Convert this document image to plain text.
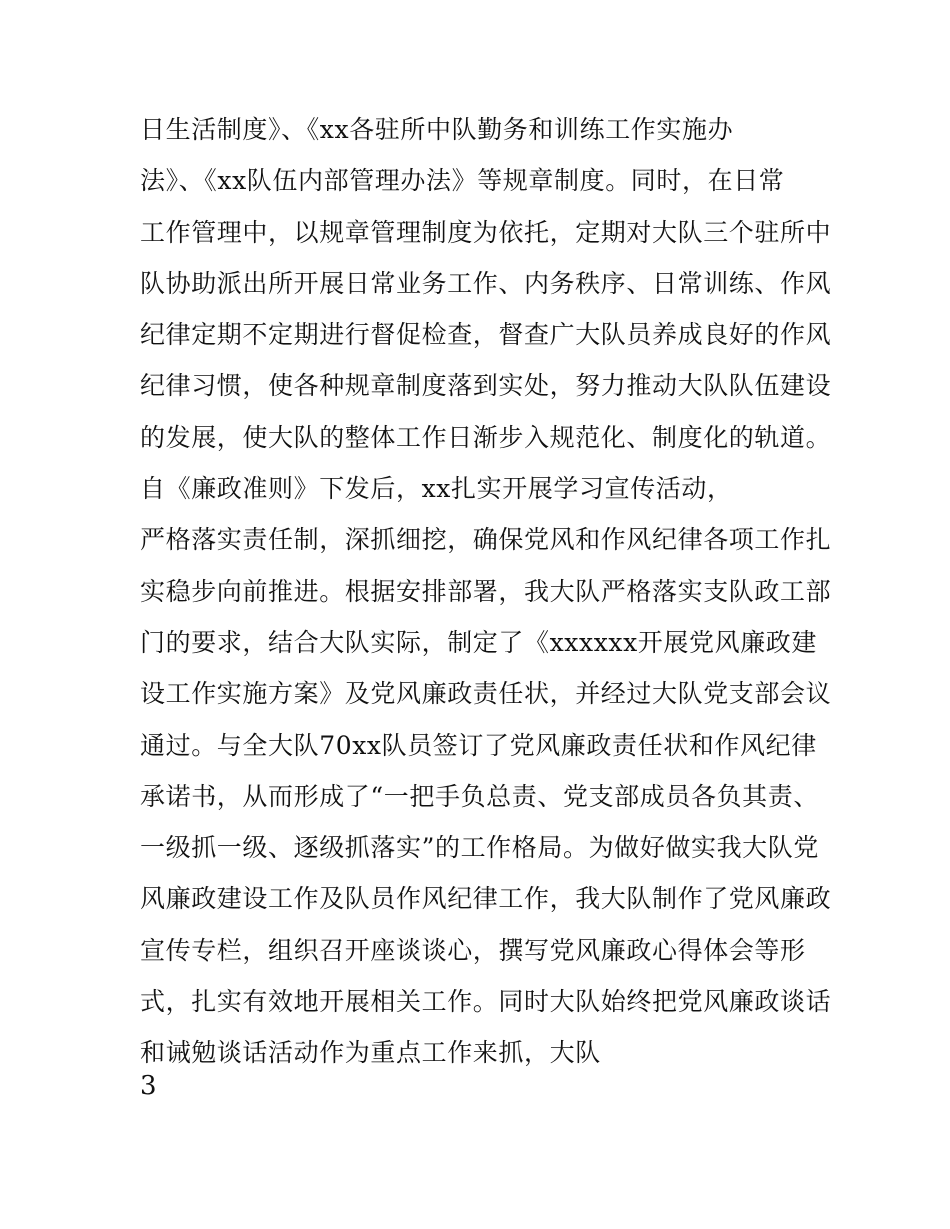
日生活制度》、《xx各驻所中队勤务和训练工作实施办
法》、《xx队伍内部管理办法》等规章制度。同时，在日常
工作管理中，以规章管理制度为依托，定期对大队三个驻所中
队协助派出所开展日常业务工作、内务秩序、日常训练、作风
纪律定期不定期进行督促检查，督查广大队员养成良好的作风
纪律习惯，使各种规章制度落到实处，努力推动大队队伍建设
的发展，使大队的整体工作日渐步入规范化、制度化的轨道。
自《廉政准则》下发后，xx扎实开展学习宣传活动，
严格落实责任制，深抓细挖，确保党风和作风纪律各项工作扎
实稳步向前推进。根据安排部署，我大队严格落实支队政工部
门的要求，结合大队实际，制定了《xxxxxx开展党风廉政建
设工作实施方案》及党风廉政责任状，并经过大队党支部会议
通过。与全大队70xx队员签订了党风廉政责任状和作风纪律
承诺书，从而形成了“一把手负总责、党支部成员各负其责、
一级抓一级、逐级抓落实”的工作格局。为做好做实我大队党
风廉政建设工作及队员作风纪律工作，我大队制作了党风廉政
宣传专栏，组织召开座谈谈心，撰写党风廉政心得体会等形
式，扎实有效地开展相关工作。同时大队始终把党风廉政谈话
和诫勉谈话活动作为重点工作来抓，大队
3
